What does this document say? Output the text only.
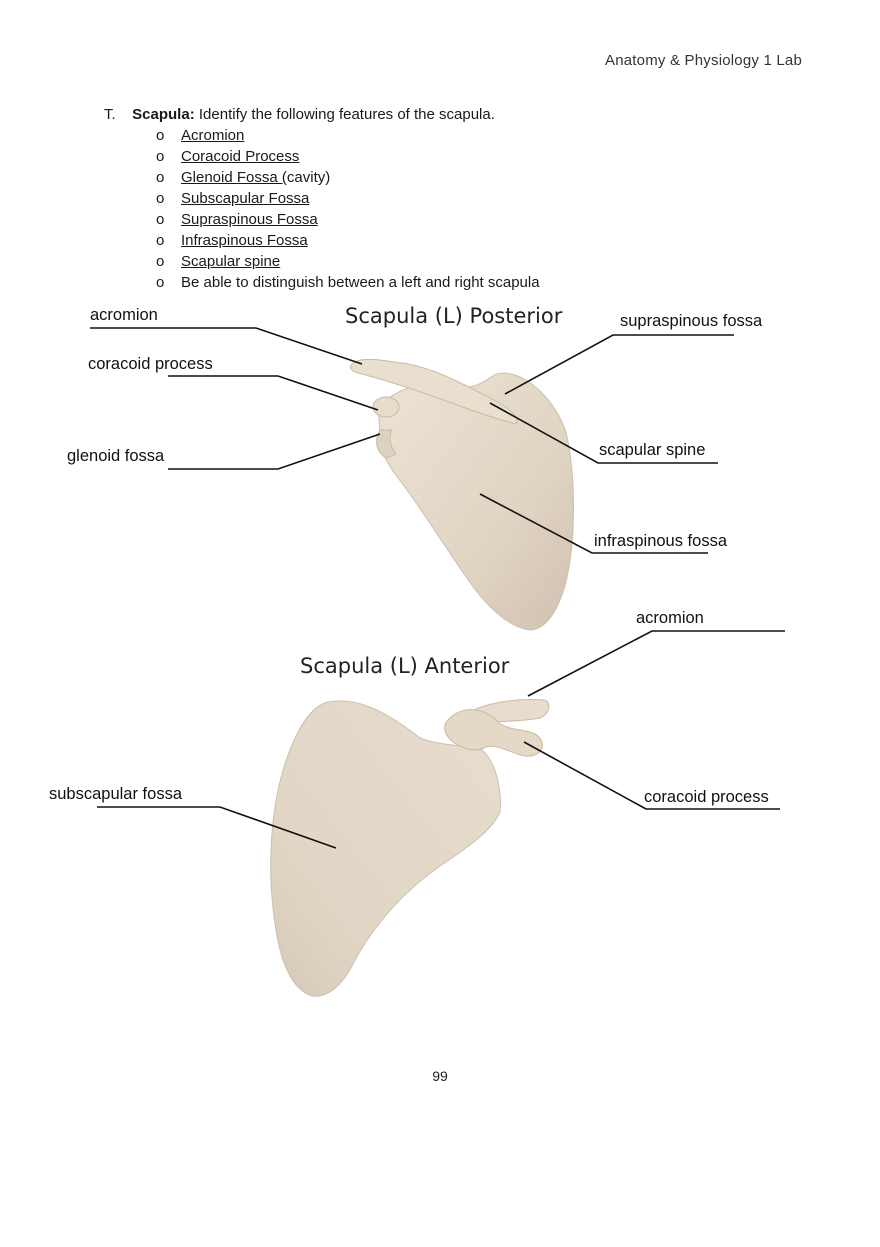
Anatomy & Physiology 1 Lab
T. Scapula: Identify the following features of the scapula.
o Acromion
o Coracoid Process
o Glenoid Fossa (cavity)
o Subscapular Fossa
o Supraspinous Fossa
o Infraspinous Fossa
o Scapular spine
o Be able to distinguish between a left and right scapula
Scapula (L) Posterior
Scapula (L) Anterior
acromion
coracoid process
glenoid fossa
supraspinous fossa
scapular spine
infraspinous fossa
acromion
subscapular fossa	coracoid process
99
